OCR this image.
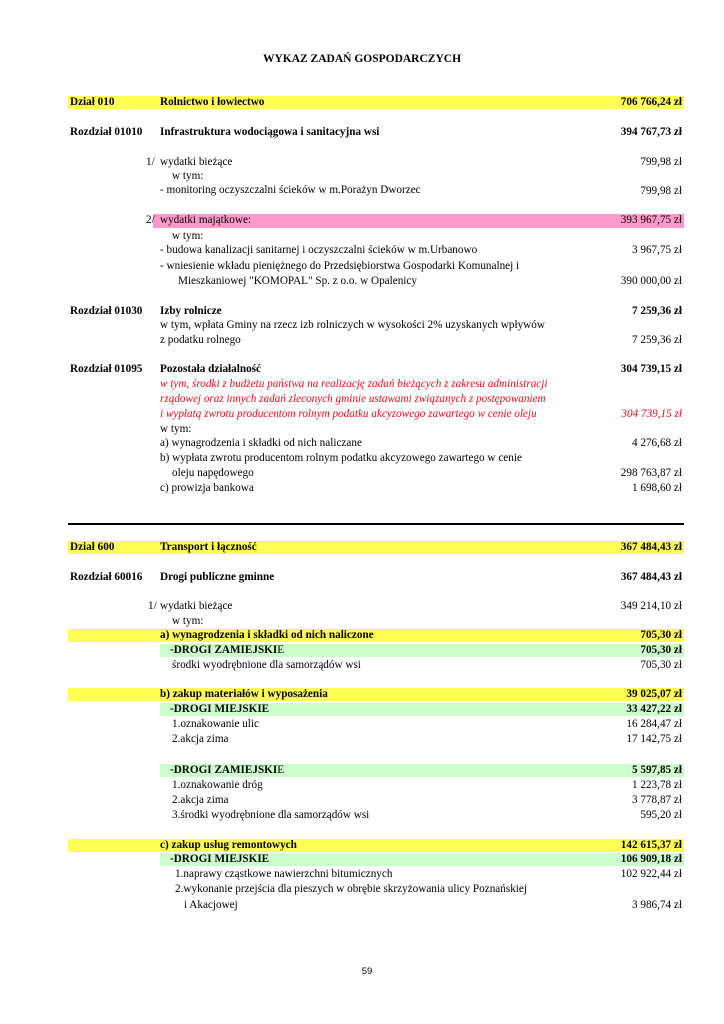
WYKAZ ZADAŃ GOSPODARCZYCH
Dział 010	Rolnictwo i łowiectwo	706 766,24 zł
Rozdział 01010 Infrastruktura wodociągowa i sanitacyjna wsi	394 767,73 zł
1/ wydatki bieżące	799,98 zł
w tym:
- monitoring oczyszczalni ścieków w m.Porażyn Dworzec	799,98 zł
2/ wydatki majątkowe:	393 967,75 zł
w tym:
- budowa kanalizacji sanitarnej i oczyszczalni ścieków w m.Urbanowo	3 967,75 zł
- wniesienie wkładu pieniężnego do Przedsiębiorstwa Gospodarki Komunalnej i
Mieszkaniowej "KOMOPAL" Sp. z o.o. w Opalenicy	390 000,00 zł
Rozdział 01030 Izby rolnicze	7 259,36 zł
w tym, wpłata Gminy na rzecz izb rolniczych w wysokości 2% uzyskanych wpływów
z podatku rolnego	7 259,36 zł
Rozdział 01095 Pozostała działalność	304 739,15 zł
w tym, środki z budżetu państwa na realizację zadań bieżących z zakresu administracji
rządowej oraz innych zadań zleconych gminie ustawami związanych z postępowaniem
i wypłatą zwrotu producentom rolnym podatku akcyzowego zawartego w cenie oleju	304 739,15 zł
w tym:
a) wynagrodzenia i składki od nich naliczane	4 276,68 zł
b) wypłata zwrotu producentom rolnym podatku akcyzowego zawartego w cenie
oleju napędowego	298 763,87 zł
c) prowizja bankowa	1 698,60 zł
Dział 600	Transport i łączność	367 484,43 zł
Rozdział 60016 Drogi publiczne gminne	367 484,43 zł
1/ wydatki bieżące	349 214,10 zł
w tym:
a) wynagrodzenia i składki od nich naliczone	705,30 zł
-DROGI ZAMIEJSKIE	705,30 zł
środki wyodrębnione dla samorządów wsi	705,30 zł
b) zakup materiałów i wyposażenia	39 025,07 zł
-DROGI MIEJSKIE	33 427,22 zł
1.oznakowanie ulic	16 284,47 zł
2.akcja zima	17 142,75 zł
-DROGI ZAMIEJSKIE	5 597,85 zł
1.oznakowanie dróg	1 223,78 zł
2.akcja zima	3 778,87 zł
3.środki wyodrębnione dla samorządów wsi	595,20 zł
c) zakup usług remontowych	142 615,37 zł
-DROGI MIEJSKIE	106 909,18 zł
1.naprawy cząstkowe nawierzchni bitumicznych	102 922,44 zł
2.wykonanie przejścia dla pieszych w obrębie skrzyżowania ulicy Poznańskiej
i Akacjowej	3 986,74 zł
59
